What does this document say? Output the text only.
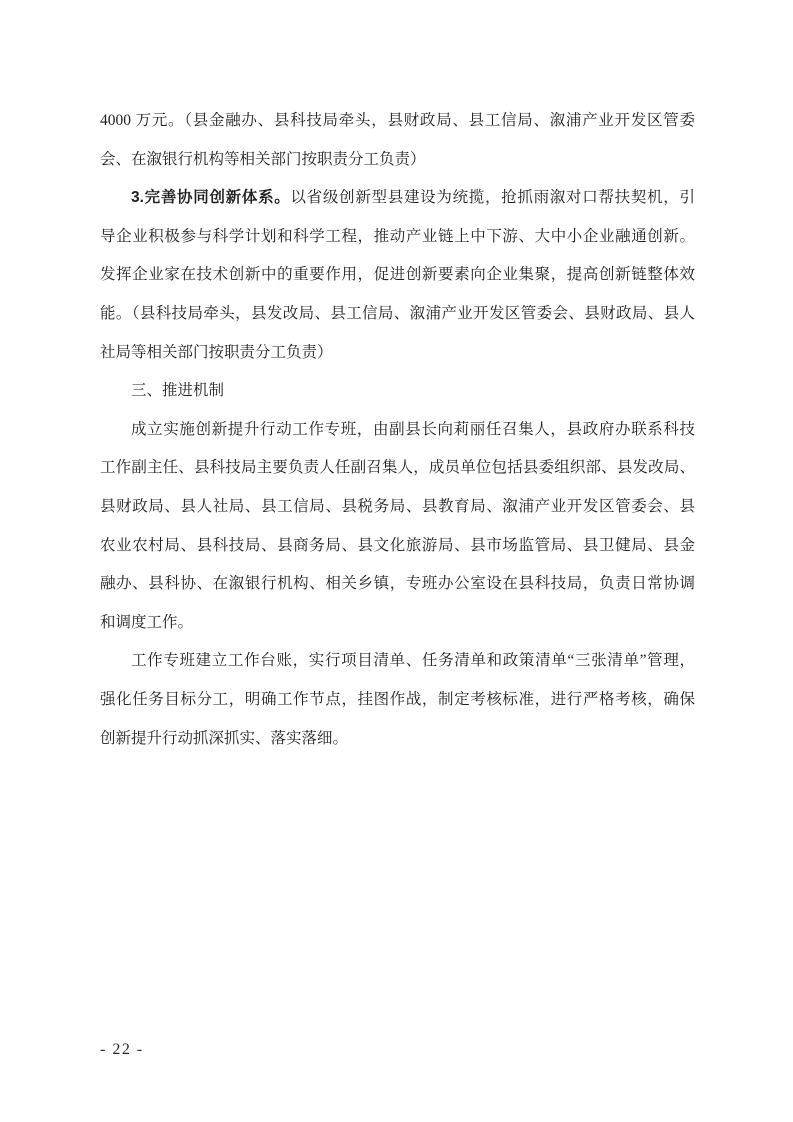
4000 万元。（县金融办、县科技局牵头，县财政局、县工信局、溆浦产业开发区管委
会、在溆银行机构等相关部门按职责分工负责）
3.完善协同创新体系。以省级创新型县建设为统揽，抢抓雨溆对口帮扶契机，引
导企业积极参与科学计划和科学工程，推动产业链上中下游、大中小企业融通创新。
发挥企业家在技术创新中的重要作用，促进创新要素向企业集聚，提高创新链整体效
能。（县科技局牵头，县发改局、县工信局、溆浦产业开发区管委会、县财政局、县人
社局等相关部门按职责分工负责）
三、推进机制
成立实施创新提升行动工作专班，由副县长向莉丽任召集人，县政府办联系科技
工作副主任、县科技局主要负责人任副召集人，成员单位包括县委组织部、县发改局、
县财政局、县人社局、县工信局、县税务局、县教育局、溆浦产业开发区管委会、县
农业农村局、县科技局、县商务局、县文化旅游局、县市场监管局、县卫健局、县金
融办、县科协、在溆银行机构、相关乡镇，专班办公室设在县科技局，负责日常协调
和调度工作。
工作专班建立工作台账，实行项目清单、任务清单和政策清单“三张清单”管理，
强化任务目标分工，明确工作节点，挂图作战，制定考核标准，进行严格考核，确保
创新提升行动抓深抓实、落实落细。
- 22 -
